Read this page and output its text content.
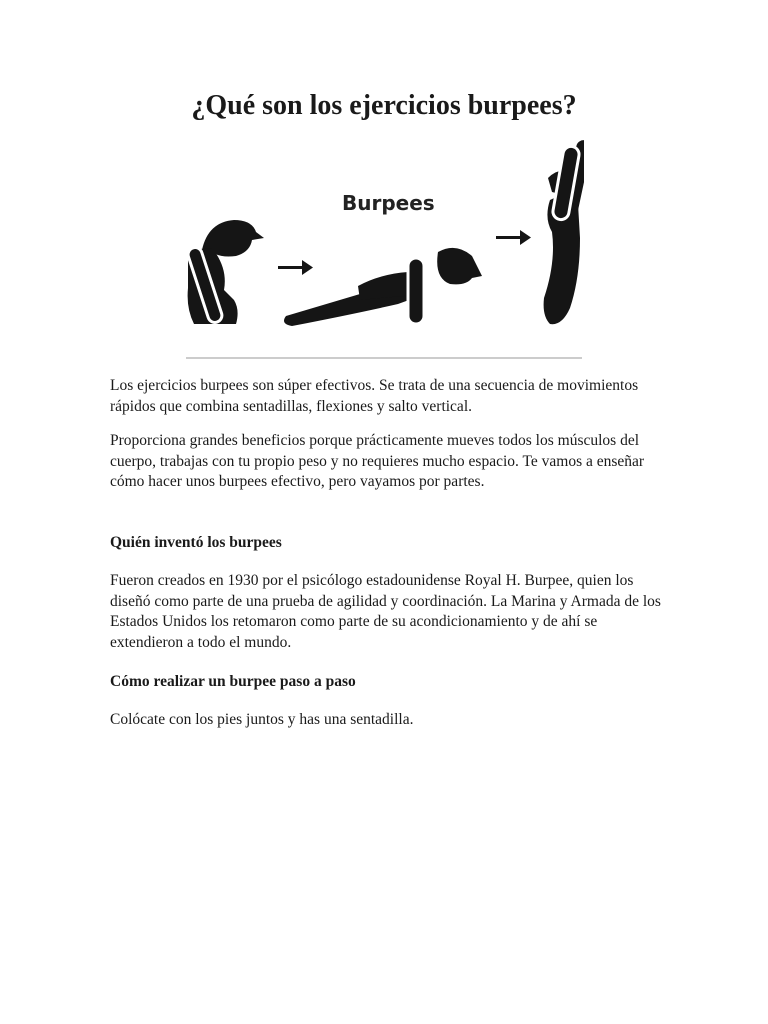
¿Qué son los ejercicios burpees?
Burpees

Los ejercicios burpees son súper efectivos. Se trata de una secuencia de movimientos rápidos que combina sentadillas, flexiones y salto vertical.

Proporciona grandes beneficios porque prácticamente mueves todos los músculos del cuerpo, trabajas con tu propio peso y no requieres mucho espacio. Te vamos a enseñar cómo hacer unos burpees efectivo, pero vayamos por partes.

Quién inventó los burpees

Fueron creados en 1930 por el psicólogo estadounidense Royal H. Burpee, quien los diseñó como parte de una prueba de agilidad y coordinación. La Marina y Armada de los Estados Unidos los retomaron como parte de su acondicionamiento y de ahí se extendieron a todo el mundo.

Cómo realizar un burpee paso a paso

Colócate con los pies juntos y has una sentadilla.
